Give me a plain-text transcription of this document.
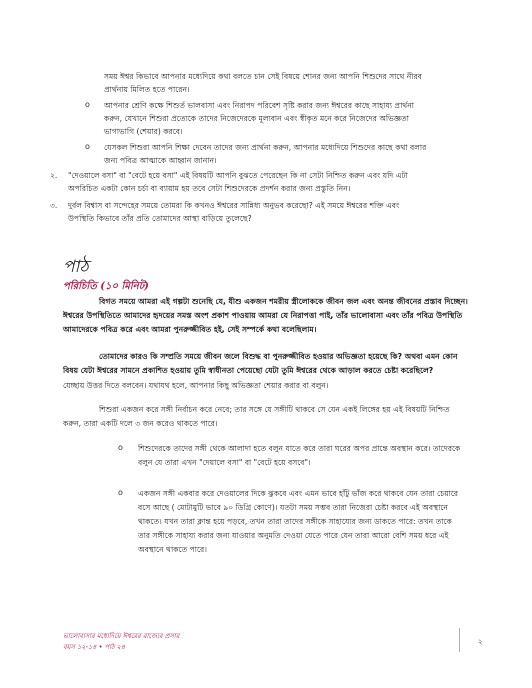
সময় ঈশ্বর কিভাবে আপনার মধ্যেদিয়ে কথা বলতে চান সেই বিষয়ে শোনর জন্য আপনি শিশুদের সাথে নীরব
প্রার্থনায় মিলিত হতে পারেন।
ο আপনার শ্রেণি কক্ষে শিশুর্ত ভালবাসা এবং নিরাপদ পরিবেশ সৃষ্টি করার জন্য ঈশ্বরের কাছে সাহায্য প্রার্থনা
করুন, যেখানে শিশুরা প্রত্যেকে তাদের নিজেদেরকে মূল্যবান এবং স্বীকৃত মনে করে নিজেদের অভিজ্ঞতা
ভাগাভাগি (শেয়ার) করবে।
ο যেসকল শিশুরা আপনি শিক্ষা দেবেন তাদের জন্য প্রার্থনা করুন, আপনার মধ্যেদিয়ে শিশুদের কাছে কথা বলার
জন্য পবিত্র আত্মাকে আহ্বান জানান।
২. "দেওয়ালে বসা" বা "বেটে হয়ে বসা" এই বিষয়টি আপনি বুঝতে পেরেছেন কি না সেটা নিশ্চিত করুন এবং যদি এটা
অপরিচিত একটা কোন চর্চা বা ব্যায়াম হয় তবে সেটা শিশুদেরকে প্রদর্শন করার জন্য প্রস্তুতি নিন।
৩. দুর্বল বিশ্বাস বা সন্দেহের সময়ে তোমরা কি কখনও ঈশ্বরের সান্নিধ্য অনুভব করেছো? এই সময়ে ঈশ্বরের শক্তি এবং
উপস্থিতি কিভাবে তাঁর প্রতি তোমাদের আস্থা বাড়িয়ে তুলেছে?
পাঠ
পরিচিতি (১০ মিনিট)
বিগত সময়ে আমরা এই গল্পটা শুনেছি যে, যীশু একজন শমরীয় স্ত্রীলোককে জীবন জল এবং অনন্ত জীবনের প্রস্তাব দিচ্ছেন।
ঈশ্বরের উপস্থিতিতে আমাদের হৃদয়ের সমস্ত অংশ প্রকাশ পাওয়ায় আমরা যে নিরাপত্তা পাই, তাঁর ভালোবাসা এবং তাঁর পবিত্র উপস্থিতি
আমাদেরকে পবিত্র করে এবং আমরা পুনরুজ্জীবিত হই, সেই সম্পর্কে কথা বলেছিলাম।
তোমাদের কারও কি সম্প্রতি সময়ে জীবন জলে বিশুদ্ধ বা পুনরুজ্জীবিত হওয়ার অভিজ্ঞতা হয়েছে কি? অথবা এমন কোন
বিষয় যেটা ঈশ্বরের সামনে প্রকাশিত হওয়ায় তুমি স্বাধীনতা পেয়েছো যেটা তুমি ঈশ্বরের থেকে আড়াল করতে চেষ্টা করেছিলে?
যেচ্ছায় উত্তর দিতে বলবেন। যথাযথ হলে, আপনার কিছু অভিজ্ঞতা শেয়ার করার বা বলুন।
শিশুরা একজন করে সঙ্গী নির্বাচন করে নেবে; তার সঙ্গে যে সঙ্গীটি থাকবে সে যেন একই লিঙ্গের হয় এই বিষয়টি নিশ্চিত
করুন, তারা একটি দলে ৩ জন করেও থাকতে পারে।
ο শিশুদেরকে তাদের সঙ্গী থেকে আলাদা হতে বলুন যাতে করে তারা ঘরের অপর প্রান্তে অবস্থান করে। তাদেরকে
বলুন যে তারা এখন "দেয়ালে বসা" বা "বেটে হয়ে বসবে"।
ο একজন সঙ্গী একবার করে দেওয়ালের দিকে ঝুকবে এবং এমন ভাবে হাঁটু ভাঁজ করে থাকবে যেন তারা চেয়ারে
বসে আছে ( মোটামুটি ভাবে ৯০ ডিগ্রি কোণে)। যতটা সময় সম্ভব তারা নিজেরা চেষ্টা করবে এই অবস্থানে
থাকতে। যখন তারা ক্লান্ত হয়ে পড়বে, তখন তারা তাদের সঙ্গীকে সাহায্যের জন্য ডাকতে পারে: তখন তাকে
তার সঙ্গীকে সাহায্য করার জন্য যাওয়ার অনুমতি দেওয়া যেতে পারে যেন তারা আরো বেশি সময় ধরে এই
অবস্থানে থাকতে পারে।
ভালোবাসার মধ্যেদিয়ে ঈশ্বরের রাজ্যের প্রসার
বয়স ১২-১৪ • পাঠ ২৪
২
